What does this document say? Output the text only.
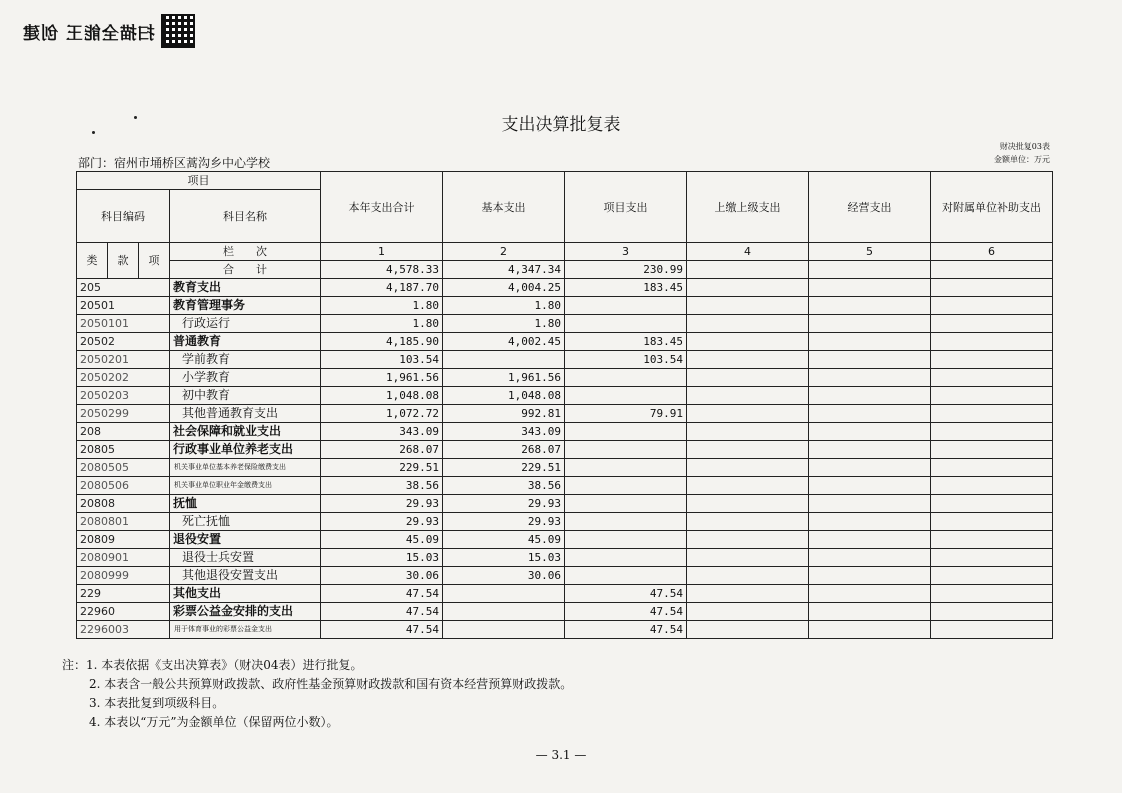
扫描全能王 创建
支出决算批复表
部门：宿州市埇桥区蒿沟乡中心学校
财决批复03表
金额单位：万元
项目				本年支出合计	基本支出	项目支出	上缴上级支出	经营支出	对附属单位补助支出
科目编码			科目名称						
类	款	项	栏　　次	1	2	3	4	5	6
			合　　计	4,578.33	4,347.34	230.99			
205			教育支出	4,187.70	4,004.25	183.45			
20501			教育管理事务	1.80	1.80				
2050101			行政运行	1.80	1.80				
20502			普通教育	4,185.90	4,002.45	183.45			
2050201			学前教育	103.54		103.54			
2050202			小学教育	1,961.56	1,961.56				
2050203			初中教育	1,048.08	1,048.08				
2050299			其他普通教育支出	1,072.72	992.81	79.91			
208			社会保障和就业支出	343.09	343.09				
20805			行政事业单位养老支出	268.07	268.07				
2080505			机关事业单位基本养老保险缴费支出	229.51	229.51				
2080506			机关事业单位职业年金缴费支出	38.56	38.56				
20808			抚恤	29.93	29.93				
2080801			死亡抚恤	29.93	29.93				
20809			退役安置	45.09	45.09				
2080901			退役士兵安置	15.03	15.03				
2080999			其他退役安置支出	30.06	30.06				
229			其他支出	47.54		47.54			
22960			彩票公益金安排的支出	47.54		47.54			
2296003			用于体育事业的彩票公益金支出	47.54		47.54			
注：1. 本表依据《支出决算表》（财决04表）进行批复。
2. 本表含一般公共预算财政拨款、政府性基金预算财政拨款和国有资本经营预算财政拨款。
3. 本表批复到项级科目。
4. 本表以“万元”为金额单位（保留两位小数）。
— 3.1 —
